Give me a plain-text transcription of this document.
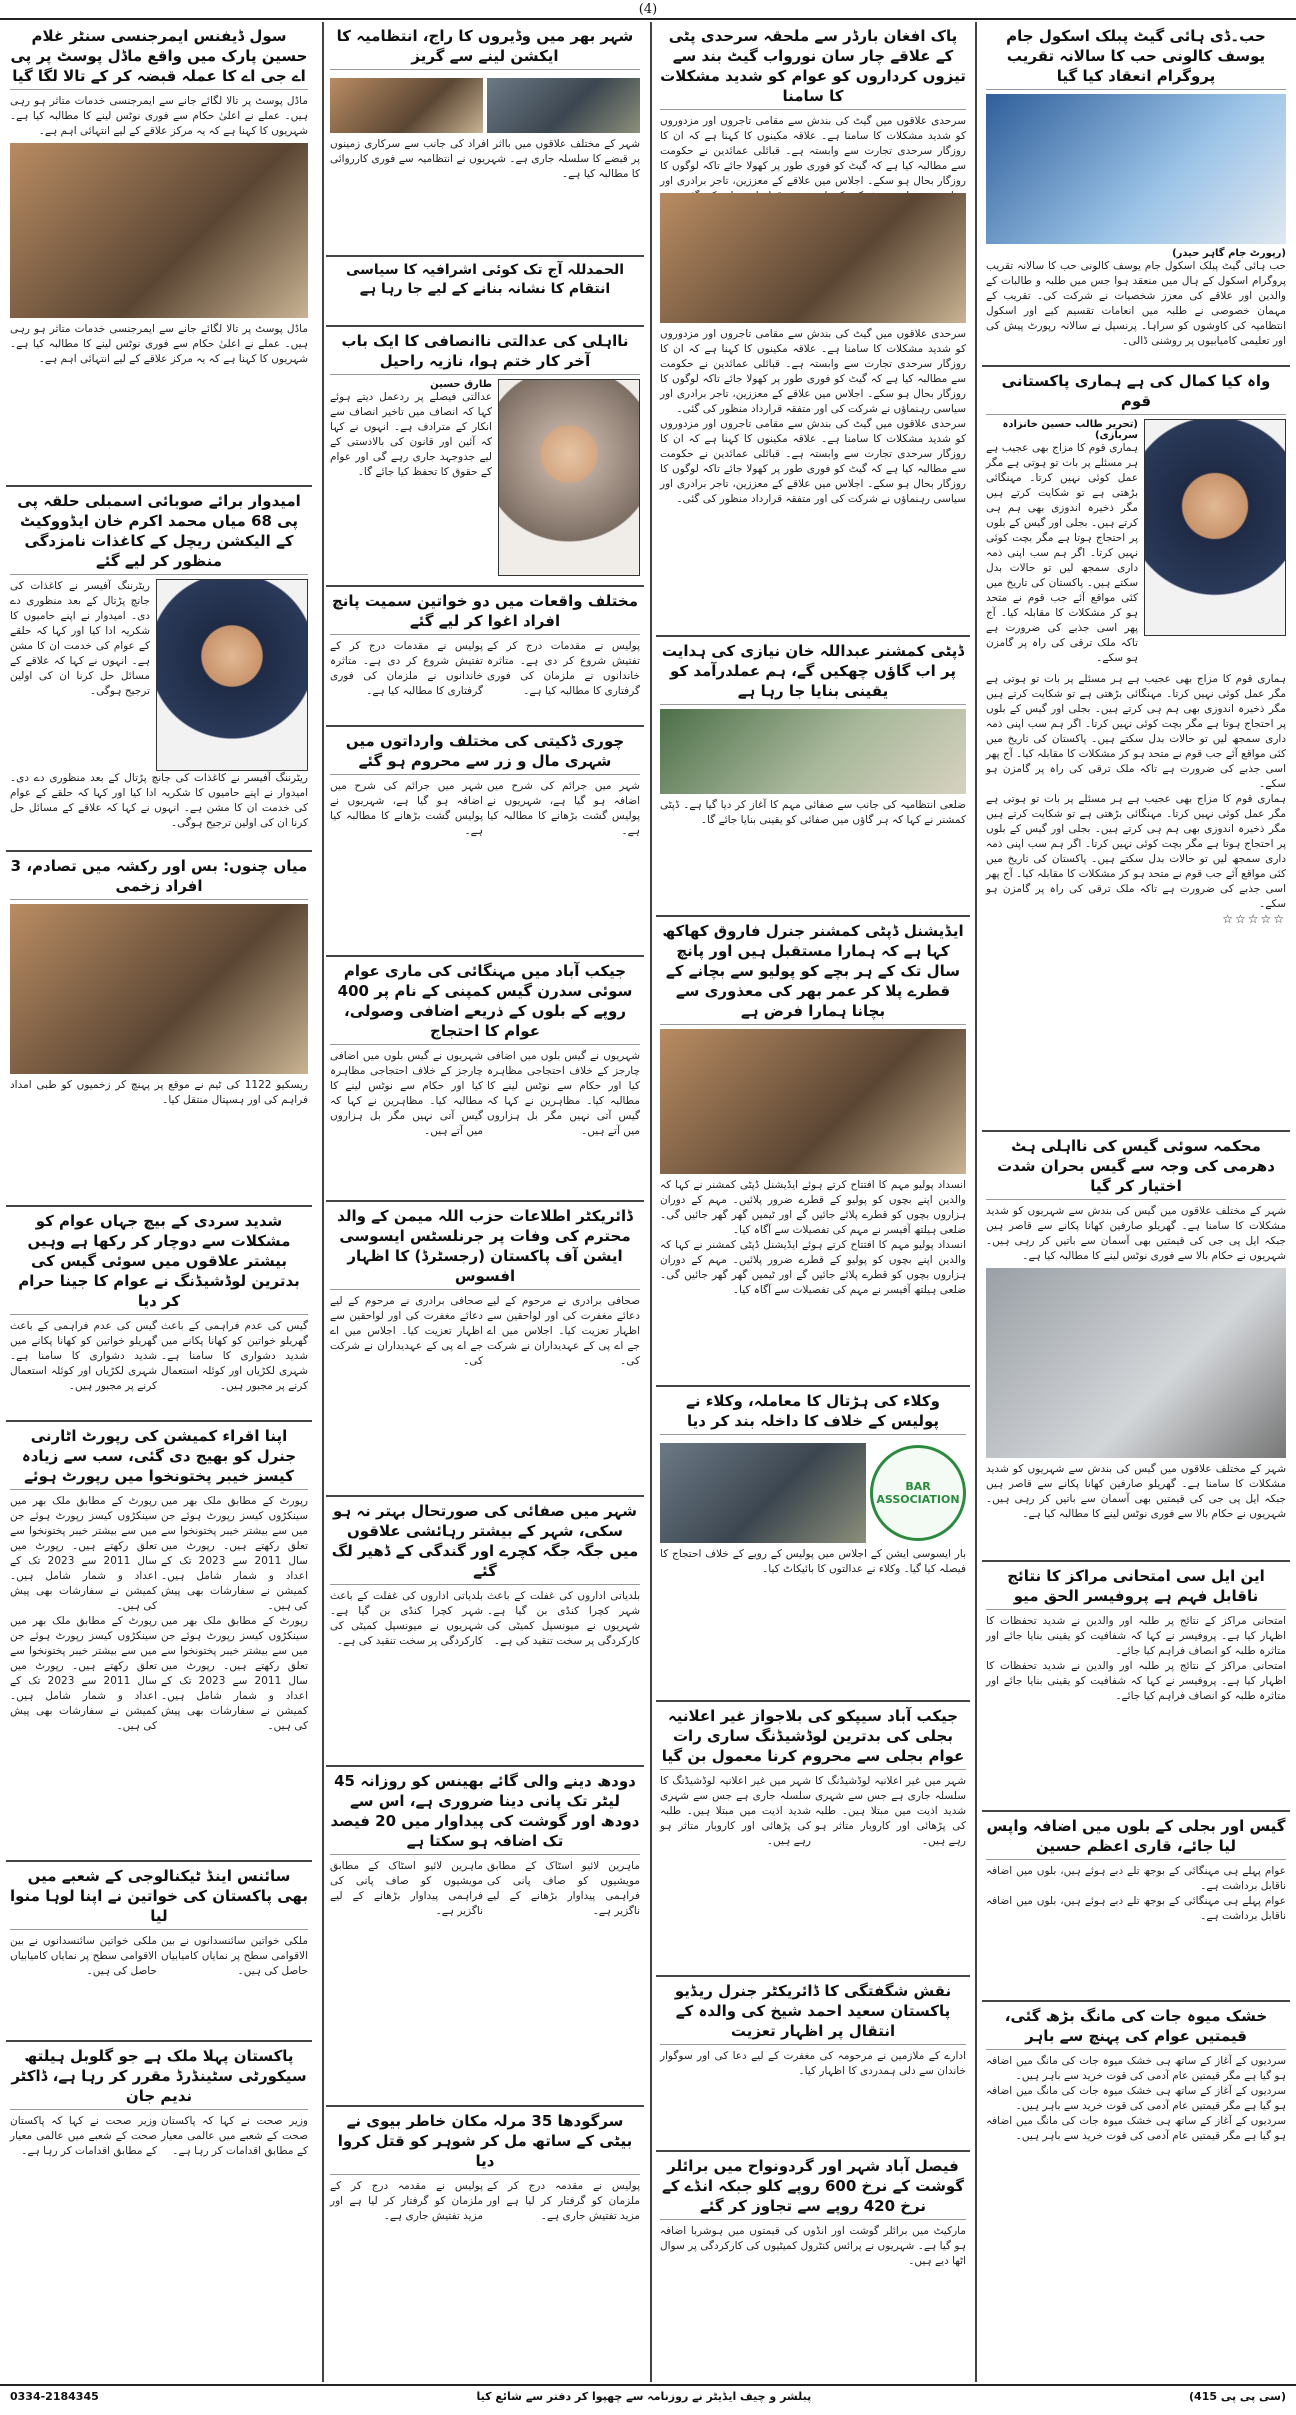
(4)
حب۔ڈی ہائی گیٹ پبلک اسکول جام یوسف کالونی حب کا سالانہ تقریب پروگرام انعقاد کیا گیا
(رپورٹ جام گاہر حیدر)
حب ہائی گیٹ پبلک اسکول جام یوسف کالونی حب کا سالانہ تقریب پروگرام اسکول کے ہال میں منعقد ہوا جس میں طلبہ و طالبات کے والدین اور علاقے کی معزز شخصیات نے شرکت کی۔ تقریب کے مہمان خصوصی نے طلبہ میں انعامات تقسیم کیے اور اسکول انتظامیہ کی کاوشوں کو سراہا۔ پرنسپل نے سالانہ رپورٹ پیش کی اور تعلیمی کامیابیوں پر روشنی ڈالی۔
واہ کیا کمال کی ہے ہماری پاکستانی قوم
(تحریر طالب حسین خانزادہ سربازی)
ہماری قوم کا مزاج بھی عجیب ہے ہر مسئلے پر بات تو ہوتی ہے مگر عمل کوئی نہیں کرتا۔ مہنگائی بڑھتی ہے تو شکایت کرتے ہیں مگر ذخیرہ اندوزی بھی ہم ہی کرتے ہیں۔ بجلی اور گیس کے بلوں پر احتجاج ہوتا ہے مگر بچت کوئی نہیں کرتا۔ اگر ہم سب اپنی ذمہ داری سمجھ لیں تو حالات بدل سکتے ہیں۔ پاکستان کی تاریخ میں کئی مواقع آئے جب قوم نے متحد ہو کر مشکلات کا مقابلہ کیا۔ آج پھر اسی جذبے کی ضرورت ہے تاکہ ملک ترقی کی راہ پر گامزن ہو سکے۔
ہماری قوم کا مزاج بھی عجیب ہے ہر مسئلے پر بات تو ہوتی ہے مگر عمل کوئی نہیں کرتا۔ مہنگائی بڑھتی ہے تو شکایت کرتے ہیں مگر ذخیرہ اندوزی بھی ہم ہی کرتے ہیں۔ بجلی اور گیس کے بلوں پر احتجاج ہوتا ہے مگر بچت کوئی نہیں کرتا۔ اگر ہم سب اپنی ذمہ داری سمجھ لیں تو حالات بدل سکتے ہیں۔ پاکستان کی تاریخ میں کئی مواقع آئے جب قوم نے متحد ہو کر مشکلات کا مقابلہ کیا۔ آج پھر اسی جذبے کی ضرورت ہے تاکہ ملک ترقی کی راہ پر گامزن ہو سکے۔
ہماری قوم کا مزاج بھی عجیب ہے ہر مسئلے پر بات تو ہوتی ہے مگر عمل کوئی نہیں کرتا۔ مہنگائی بڑھتی ہے تو شکایت کرتے ہیں مگر ذخیرہ اندوزی بھی ہم ہی کرتے ہیں۔ بجلی اور گیس کے بلوں پر احتجاج ہوتا ہے مگر بچت کوئی نہیں کرتا۔ اگر ہم سب اپنی ذمہ داری سمجھ لیں تو حالات بدل سکتے ہیں۔ پاکستان کی تاریخ میں کئی مواقع آئے جب قوم نے متحد ہو کر مشکلات کا مقابلہ کیا۔ آج پھر اسی جذبے کی ضرورت ہے تاکہ ملک ترقی کی راہ پر گامزن ہو سکے۔
☆☆☆☆☆
محکمہ سوئی گیس کی نااہلی ہٹ دھرمی کی وجہ سے گیس بحران شدت اختیار کر گیا
شہر کے مختلف علاقوں میں گیس کی بندش سے شہریوں کو شدید مشکلات کا سامنا ہے۔ گھریلو صارفین کھانا پکانے سے قاصر ہیں جبکہ ایل پی جی کی قیمتیں بھی آسمان سے باتیں کر رہی ہیں۔ شہریوں نے حکام بالا سے فوری نوٹس لینے کا مطالبہ کیا ہے۔
شہر کے مختلف علاقوں میں گیس کی بندش سے شہریوں کو شدید مشکلات کا سامنا ہے۔ گھریلو صارفین کھانا پکانے سے قاصر ہیں جبکہ ایل پی جی کی قیمتیں بھی آسمان سے باتیں کر رہی ہیں۔ شہریوں نے حکام بالا سے فوری نوٹس لینے کا مطالبہ کیا ہے۔
این ایل سی امتحانی مراکز کا نتائج ناقابل فہم ہے پروفیسر الحق میو
امتحانی مراکز کے نتائج پر طلبہ اور والدین نے شدید تحفظات کا اظہار کیا ہے۔ پروفیسر نے کہا کہ شفافیت کو یقینی بنایا جائے اور متاثرہ طلبہ کو انصاف فراہم کیا جائے۔
امتحانی مراکز کے نتائج پر طلبہ اور والدین نے شدید تحفظات کا اظہار کیا ہے۔ پروفیسر نے کہا کہ شفافیت کو یقینی بنایا جائے اور متاثرہ طلبہ کو انصاف فراہم کیا جائے۔
گیس اور بجلی کے بلوں میں اضافہ واپس لیا جائے، قاری اعظم حسین
عوام پہلے ہی مہنگائی کے بوجھ تلے دبے ہوئے ہیں، بلوں میں اضافہ ناقابل برداشت ہے۔
عوام پہلے ہی مہنگائی کے بوجھ تلے دبے ہوئے ہیں، بلوں میں اضافہ ناقابل برداشت ہے۔
خشک میوہ جات کی مانگ بڑھ گئی، قیمتیں عوام کی پہنچ سے باہر
سردیوں کے آغاز کے ساتھ ہی خشک میوہ جات کی مانگ میں اضافہ ہو گیا ہے مگر قیمتیں عام آدمی کی قوت خرید سے باہر ہیں۔
سردیوں کے آغاز کے ساتھ ہی خشک میوہ جات کی مانگ میں اضافہ ہو گیا ہے مگر قیمتیں عام آدمی کی قوت خرید سے باہر ہیں۔
سردیوں کے آغاز کے ساتھ ہی خشک میوہ جات کی مانگ میں اضافہ ہو گیا ہے مگر قیمتیں عام آدمی کی قوت خرید سے باہر ہیں۔
پاک افغان بارڈر سے ملحقہ سرحدی پٹی کے علاقے چار سان نورواب گیٹ بند سے تیزوں کرداروں کو عوام کو شدید مشکلات کا سامنا
سرحدی علاقوں میں گیٹ کی بندش سے مقامی تاجروں اور مزدوروں کو شدید مشکلات کا سامنا ہے۔ علاقہ مکینوں کا کہنا ہے کہ ان کا روزگار سرحدی تجارت سے وابستہ ہے۔ قبائلی عمائدین نے حکومت سے مطالبہ کیا ہے کہ گیٹ کو فوری طور پر کھولا جائے تاکہ لوگوں کا روزگار بحال ہو سکے۔ اجلاس میں علاقے کے معززین، تاجر برادری اور
سرحدی علاقوں میں گیٹ کی بندش سے مقامی تاجروں اور مزدوروں کو شدید مشکلات کا سامنا ہے۔ علاقہ مکینوں کا کہنا ہے کہ ان کا روزگار سرحدی تجارت سے وابستہ ہے۔ قبائلی عمائدین نے حکومت سے مطالبہ کیا ہے کہ گیٹ کو فوری طور پر کھولا جائے تاکہ لوگوں کا روزگار بحال ہو سکے۔ اجلاس میں علاقے کے معززین، تاجر برادری اور سیاسی رہنماؤں نے شرکت کی اور متفقہ قرارداد منظور کی گئی۔
سرحدی علاقوں میں گیٹ کی بندش سے مقامی تاجروں اور مزدوروں کو شدید مشکلات کا سامنا ہے۔ علاقہ مکینوں کا کہنا ہے کہ ان کا روزگار سرحدی تجارت سے وابستہ ہے۔ قبائلی عمائدین نے حکومت سے مطالبہ کیا ہے کہ گیٹ کو فوری طور پر کھولا جائے تاکہ لوگوں کا روزگار بحال ہو سکے۔ اجلاس میں علاقے کے معززین، تاجر برادری اور سیاسی رہنماؤں نے شرکت کی اور متفقہ قرارداد منظور کی گئی۔
ڈپٹی کمشنر عبداللہ خان نیازی کی ہدایت پر اب گاؤں چھکیں گے، ہم عملدرآمد کو یقینی بنایا جا رہا ہے
ضلعی انتظامیہ کی جانب سے صفائی مہم کا آغاز کر دیا گیا ہے۔ ڈپٹی کمشنر نے کہا کہ ہر گاؤں میں صفائی کو یقینی بنایا جائے گا۔
ایڈیشنل ڈپٹی کمشنر جنرل فاروق کھاکھ کہا ہے کہ ہمارا مستقبل ہیں اور پانچ سال تک کے ہر بچے کو پولیو سے بچانے کے قطرے پلا کر عمر بھر کی معذوری سے بچانا ہمارا فرض ہے
انسداد پولیو مہم کا افتتاح کرتے ہوئے ایڈیشنل ڈپٹی کمشنر نے کہا کہ والدین اپنے بچوں کو پولیو کے قطرے ضرور پلائیں۔ مہم کے دوران ہزاروں بچوں کو قطرے پلائے جائیں گے اور ٹیمیں گھر گھر جائیں گی۔ ضلعی ہیلتھ آفیسر نے مہم کی تفصیلات سے آگاہ کیا۔
انسداد پولیو مہم کا افتتاح کرتے ہوئے ایڈیشنل ڈپٹی کمشنر نے کہا کہ والدین اپنے بچوں کو پولیو کے قطرے ضرور پلائیں۔ مہم کے دوران ہزاروں بچوں کو قطرے پلائے جائیں گے اور ٹیمیں گھر گھر جائیں گی۔ ضلعی ہیلتھ آفیسر نے مہم کی تفصیلات سے آگاہ کیا۔
وکلاء کی ہڑتال کا معاملہ، وکلاء نے پولیس کے خلاف کا داخلہ بند کر دیا
BAR ASSOCIATION
بار ایسوسی ایشن کے اجلاس میں پولیس کے رویے کے خلاف احتجاج کا فیصلہ کیا گیا۔ وکلاء نے عدالتوں کا بائیکاٹ کیا۔
جیکب آباد سیپکو کی بلاجواز غیر اعلانیہ بجلی کی بدترین لوڈشیڈنگ ساری رات عوام بجلی سے محروم کرنا معمول بن گیا
شہر میں غیر اعلانیہ لوڈشیڈنگ کا سلسلہ جاری ہے جس سے شہری شدید اذیت میں مبتلا ہیں۔ طلبہ کی پڑھائی اور کاروبار متاثر ہو رہے ہیں۔
شہر میں غیر اعلانیہ لوڈشیڈنگ کا سلسلہ جاری ہے جس سے شہری شدید اذیت میں مبتلا ہیں۔ طلبہ کی پڑھائی اور کاروبار متاثر ہو رہے ہیں۔
نقش شگفتگی کا ڈائریکٹر جنرل ریڈیو پاکستان سعید احمد شیخ کی والدہ کے انتقال پر اظہار تعزیت
ادارے کے ملازمین نے مرحومہ کی مغفرت کے لیے دعا کی اور سوگوار خاندان سے دلی ہمدردی کا اظہار کیا۔
فیصل آباد شہر اور گردونواح میں برائلر گوشت کے نرخ 600 روپے کلو جبکہ انڈے کے نرخ 420 روپے سے تجاوز کر گئے
مارکیٹ میں برائلر گوشت اور انڈوں کی قیمتوں میں ہوشربا اضافہ ہو گیا ہے۔ شہریوں نے پرائس کنٹرول کمیٹیوں کی کارکردگی پر سوال اٹھا دیے ہیں۔
شہر بھر میں وڈیروں کا راج، انتظامیہ کا ایکشن لینے سے گریز
شہر کے مختلف علاقوں میں بااثر افراد کی جانب سے سرکاری زمینوں پر قبضے کا سلسلہ جاری ہے۔ شہریوں نے انتظامیہ سے فوری کارروائی کا مطالبہ کیا ہے۔
الحمدللہ آج تک کوئی اشرافیہ کا سیاسی انتقام کا نشانہ بنانے کے لیے جا رہا ہے
نااہلی کی عدالتی ناانصافی کا ایک باب آخر کار ختم ہوا، نازیہ راحیل
طارق حسین
عدالتی فیصلے پر ردعمل دیتے ہوئے کہا کہ انصاف میں تاخیر انصاف سے انکار کے مترادف ہے۔ انہوں نے کہا کہ آئین اور قانون کی بالادستی کے لیے جدوجہد جاری رہے گی اور عوام کے حقوق کا تحفظ کیا جائے گا۔
مختلف واقعات میں دو خواتین سمیت پانچ افراد اغوا کر لیے گئے
پولیس نے مقدمات درج کر کے تفتیش شروع کر دی ہے۔ متاثرہ خاندانوں نے ملزمان کی فوری گرفتاری کا مطالبہ کیا ہے۔
پولیس نے مقدمات درج کر کے تفتیش شروع کر دی ہے۔ متاثرہ خاندانوں نے ملزمان کی فوری گرفتاری کا مطالبہ کیا ہے۔
چوری ڈکیتی کی مختلف وارداتوں میں شہری مال و زر سے محروم ہو گئے
شہر میں جرائم کی شرح میں اضافہ ہو گیا ہے، شہریوں نے پولیس گشت بڑھانے کا مطالبہ کیا ہے۔
شہر میں جرائم کی شرح میں اضافہ ہو گیا ہے، شہریوں نے پولیس گشت بڑھانے کا مطالبہ کیا ہے۔
جیکب آباد میں مہنگائی کی ماری عوام سوئی سدرن گیس کمپنی کے نام پر 400 روپے کے بلوں کے ذریعے اضافی وصولی، عوام کا احتجاج
شہریوں نے گیس بلوں میں اضافی چارجز کے خلاف احتجاجی مظاہرہ کیا اور حکام سے نوٹس لینے کا مطالبہ کیا۔ مظاہرین نے کہا کہ گیس آتی نہیں مگر بل ہزاروں میں آتے ہیں۔
شہریوں نے گیس بلوں میں اضافی چارجز کے خلاف احتجاجی مظاہرہ کیا اور حکام سے نوٹس لینے کا مطالبہ کیا۔ مظاہرین نے کہا کہ گیس آتی نہیں مگر بل ہزاروں میں آتے ہیں۔
ڈائریکٹر اطلاعات حزب اللہ میمن کے والد محترم کی وفات پر جرنلسٹس ایسوسی ایشن آف پاکستان (رجسٹرڈ) کا اظہار افسوس
صحافی برادری نے مرحوم کے لیے دعائے مغفرت کی اور لواحقین سے اظہار تعزیت کیا۔ اجلاس میں اے جے اے پی کے عہدیداران نے شرکت کی۔
صحافی برادری نے مرحوم کے لیے دعائے مغفرت کی اور لواحقین سے اظہار تعزیت کیا۔ اجلاس میں اے جے اے پی کے عہدیداران نے شرکت کی۔
شہر میں صفائی کی صورتحال بہتر نہ ہو سکی، شہر کے بیشتر رہائشی علاقوں میں جگہ جگہ کچرے اور گندگی کے ڈھیر لگ گئے
بلدیاتی اداروں کی غفلت کے باعث شہر کچرا کنڈی بن گیا ہے۔ شہریوں نے میونسپل کمیٹی کی کارکردگی پر سخت تنقید کی ہے۔
بلدیاتی اداروں کی غفلت کے باعث شہر کچرا کنڈی بن گیا ہے۔ شہریوں نے میونسپل کمیٹی کی کارکردگی پر سخت تنقید کی ہے۔
دودھ دینے والی گائے بھینس کو روزانہ 45 لیٹر تک پانی دینا ضروری ہے، اس سے دودھ اور گوشت کی پیداوار میں 20 فیصد تک اضافہ ہو سکتا ہے
ماہرین لائیو اسٹاک کے مطابق مویشیوں کو صاف پانی کی فراہمی پیداوار بڑھانے کے لیے ناگزیر ہے۔
ماہرین لائیو اسٹاک کے مطابق مویشیوں کو صاف پانی کی فراہمی پیداوار بڑھانے کے لیے ناگزیر ہے۔
سرگودھا 35 مرلہ مکان خاطر بیوی نے بیٹی کے ساتھ مل کر شوہر کو قتل کروا دیا
پولیس نے مقدمہ درج کر کے ملزمان کو گرفتار کر لیا ہے اور مزید تفتیش جاری ہے۔
پولیس نے مقدمہ درج کر کے ملزمان کو گرفتار کر لیا ہے اور مزید تفتیش جاری ہے۔
سول ڈیفنس ایمرجنسی سنٹر غلام حسین پارک میں واقع ماڈل پوسٹ پر پی اے جی اے کا عملہ قبضہ کر کے تالا لگا گیا
ماڈل پوسٹ پر تالا لگائے جانے سے ایمرجنسی خدمات متاثر ہو رہی ہیں۔ عملے نے اعلیٰ حکام سے فوری نوٹس لینے کا مطالبہ کیا ہے۔ شہریوں کا کہنا ہے کہ یہ مرکز علاقے کے لیے انتہائی اہم ہے۔
ماڈل پوسٹ پر تالا لگائے جانے سے ایمرجنسی خدمات متاثر ہو رہی ہیں۔ عملے نے اعلیٰ حکام سے فوری نوٹس لینے کا مطالبہ کیا ہے۔ شہریوں کا کہنا ہے کہ یہ مرکز علاقے کے لیے انتہائی اہم ہے۔
امیدوار برائے صوبائی اسمبلی حلقہ پی پی 68 میاں محمد اکرم خان ایڈووکیٹ کے الیکشن ریچل کے کاغذات نامزدگی منظور کر لیے گئے
ریٹرننگ آفیسر نے کاغذات کی جانچ پڑتال کے بعد منظوری دے دی۔ امیدوار نے اپنے حامیوں کا شکریہ ادا کیا اور کہا کہ حلقے کے عوام کی خدمت ان کا مشن ہے۔ انہوں نے کہا کہ علاقے کے مسائل حل کرنا ان کی اولین ترجیح ہوگی۔
ریٹرننگ آفیسر نے کاغذات کی جانچ پڑتال کے بعد منظوری دے دی۔ امیدوار نے اپنے حامیوں کا شکریہ ادا کیا اور کہا کہ حلقے کے عوام کی خدمت ان کا مشن ہے۔ انہوں نے کہا کہ علاقے کے مسائل حل کرنا ان کی اولین ترجیح ہوگی۔
میاں چنوں: بس اور رکشہ میں تصادم، 3 افراد زخمی
ریسکیو 1122 کی ٹیم نے موقع پر پہنچ کر زخمیوں کو طبی امداد فراہم کی اور ہسپتال منتقل کیا۔
شدید سردی کے بیچ جہاں عوام کو مشکلات سے دوچار کر رکھا ہے وہیں بیشتر علاقوں میں سوئی گیس کی بدترین لوڈشیڈنگ نے عوام کا جینا حرام کر دیا
گیس کی عدم فراہمی کے باعث گھریلو خواتین کو کھانا پکانے میں شدید دشواری کا سامنا ہے۔ شہری لکڑیاں اور کوئلہ استعمال کرنے پر مجبور ہیں۔
گیس کی عدم فراہمی کے باعث گھریلو خواتین کو کھانا پکانے میں شدید دشواری کا سامنا ہے۔ شہری لکڑیاں اور کوئلہ استعمال کرنے پر مجبور ہیں۔
اپنا اقراء کمیشن کی رپورٹ اٹارنی جنرل کو بھیج دی گئی، سب سے زیادہ کیسز خیبر پختونخوا میں رپورٹ ہوئے
رپورٹ کے مطابق ملک بھر میں سینکڑوں کیسز رپورٹ ہوئے جن میں سے بیشتر خیبر پختونخوا سے تعلق رکھتے ہیں۔ رپورٹ میں سال 2011 سے 2023 تک کے اعداد و شمار شامل ہیں۔ کمیشن نے سفارشات بھی پیش کی ہیں۔
رپورٹ کے مطابق ملک بھر میں سینکڑوں کیسز رپورٹ ہوئے جن میں سے بیشتر خیبر پختونخوا سے تعلق رکھتے ہیں۔ رپورٹ میں سال 2011 سے 2023 تک کے اعداد و شمار شامل ہیں۔ کمیشن نے سفارشات بھی پیش کی ہیں۔
رپورٹ کے مطابق ملک بھر میں سینکڑوں کیسز رپورٹ ہوئے جن میں سے بیشتر خیبر پختونخوا سے تعلق رکھتے ہیں۔ رپورٹ میں سال 2011 سے 2023 تک کے اعداد و شمار شامل ہیں۔ کمیشن نے سفارشات بھی پیش کی ہیں۔
رپورٹ کے مطابق ملک بھر میں سینکڑوں کیسز رپورٹ ہوئے جن میں سے بیشتر خیبر پختونخوا سے تعلق رکھتے ہیں۔ رپورٹ میں سال 2011 سے 2023 تک کے اعداد و شمار شامل ہیں۔ کمیشن نے سفارشات بھی پیش کی ہیں۔
سائنس اینڈ ٹیکنالوجی کے شعبے میں بھی پاکستان کی خواتین نے اپنا لوہا منوا لیا
ملکی خواتین سائنسدانوں نے بین الاقوامی سطح پر نمایاں کامیابیاں حاصل کی ہیں۔
ملکی خواتین سائنسدانوں نے بین الاقوامی سطح پر نمایاں کامیابیاں حاصل کی ہیں۔
پاکستان پہلا ملک ہے جو گلوبل ہیلتھ سیکورٹی سٹینڈرڈ مقرر کر رہا ہے، ڈاکٹر ندیم جان
وزیر صحت نے کہا کہ پاکستان صحت کے شعبے میں عالمی معیار کے مطابق اقدامات کر رہا ہے۔
وزیر صحت نے کہا کہ پاکستان صحت کے شعبے میں عالمی معیار کے مطابق اقدامات کر رہا ہے۔
(سی پی پی 415)
پبلشر و چیف ایڈیٹر نے روزنامہ سے چھپوا کر دفتر سے شائع کیا
0334-2184345
